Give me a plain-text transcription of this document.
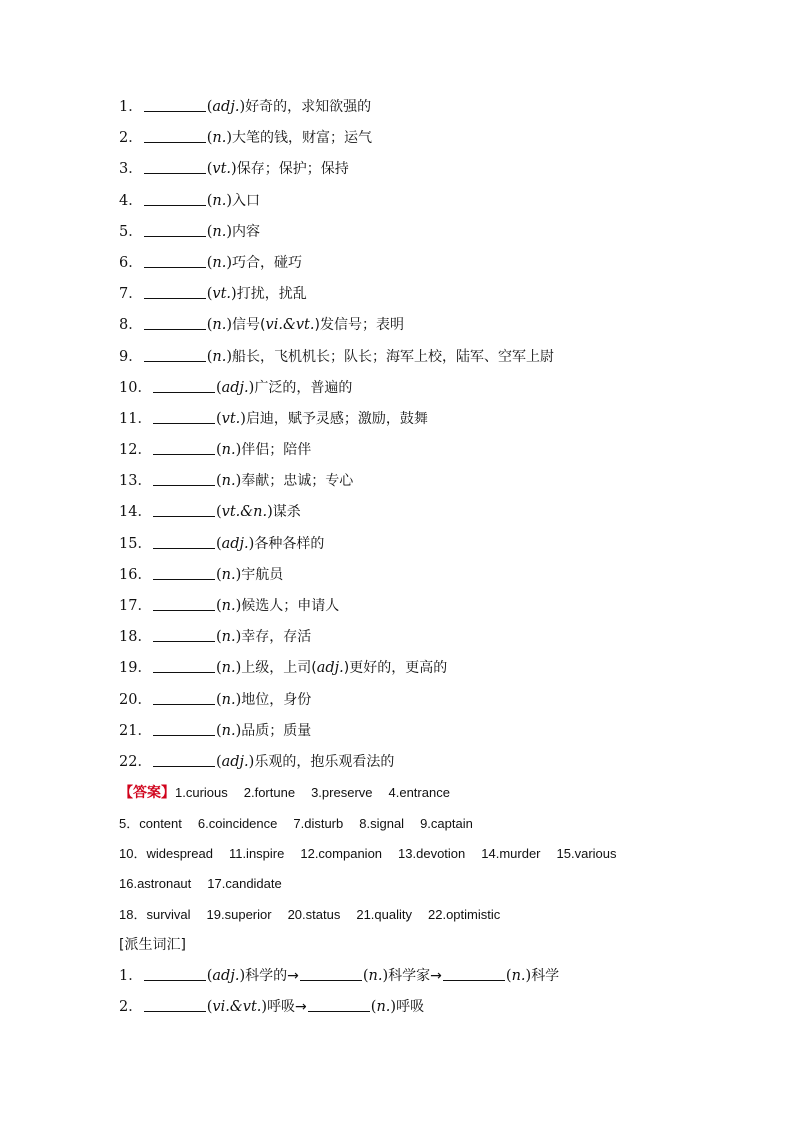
1．	(adj.)好奇的，求知欲强的
2．	(n.)大笔的钱，财富；运气
3．	(vt.)保存；保护；保持
4．	(n.)入口
5．	(n.)内容
6．	(n.)巧合，碰巧
7．	(vt.)打扰，扰乱
8．	(n.)信号(vi.&vt.)发信号；表明
9．	(n.)船长，飞机机长；队长；海军上校，陆军、空军上尉
10．	(adj.)广泛的，普遍的
11．	(vt.)启迪，赋予灵感；激励，鼓舞
12．	(n.)伴侣；陪伴
13．	(n.)奉献；忠诚；专心
14．	(vt.&n.)谋杀
15．	(adj.)各种各样的
16．	(n.)宇航员
17．	(n.)候选人；申请人
18．	(n.)幸存，存活
19．	(n.)上级，上司(adj.)更好的，更高的
20．	(n.)地位，身份
21．	(n.)品质；质量
22．	(adj.)乐观的，抱乐观看法的
【答案】1.curious 2.fortune 3.preserve 4.entrance
5．content 6.coincidence 7.disturb 8.signal 9.captain
10．widespread 11.inspire 12.companion 13.devotion 14.murder 15.various
16.astronaut 17.candidate
18．survival 19.superior 20.status 21.quality 22.optimistic
[派生词汇]
1．	(adj.)科学的→	(n.)科学家→	(n.)科学
2．	(vi.&vt.)呼吸→	(n.)呼吸
